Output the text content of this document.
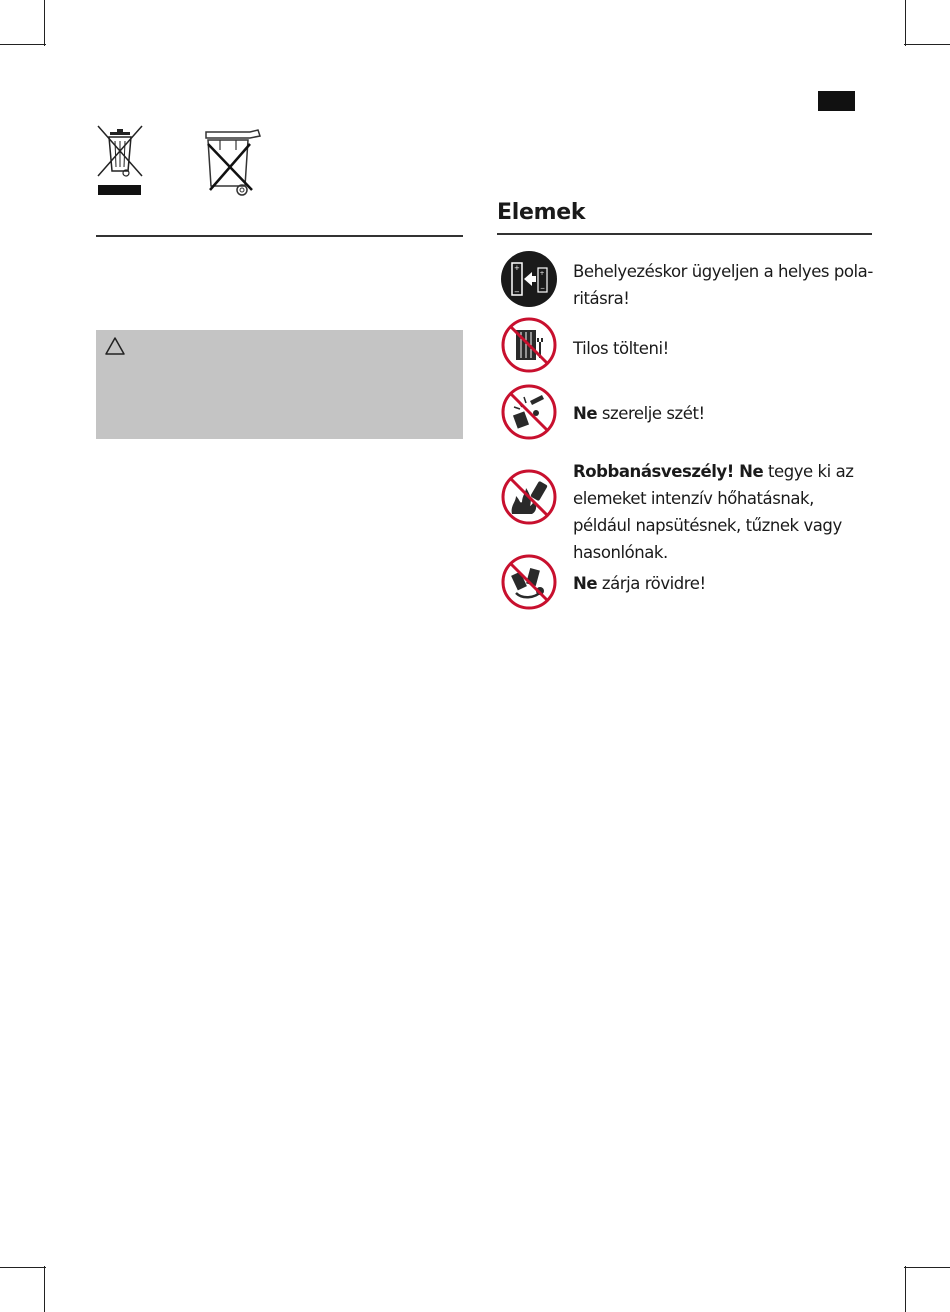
Elemek
+
−
+
−

Behelyezéskor ügyeljen a helyes pola-ritásra!

Tilos tölteni!

Ne szerelje szét!

Robbanásveszély! Ne tegye ki az elemeket intenzív hőhatásnak, például napsütésnek, tűznek vagy hasonlónak.

Ne zárja rövidre!
